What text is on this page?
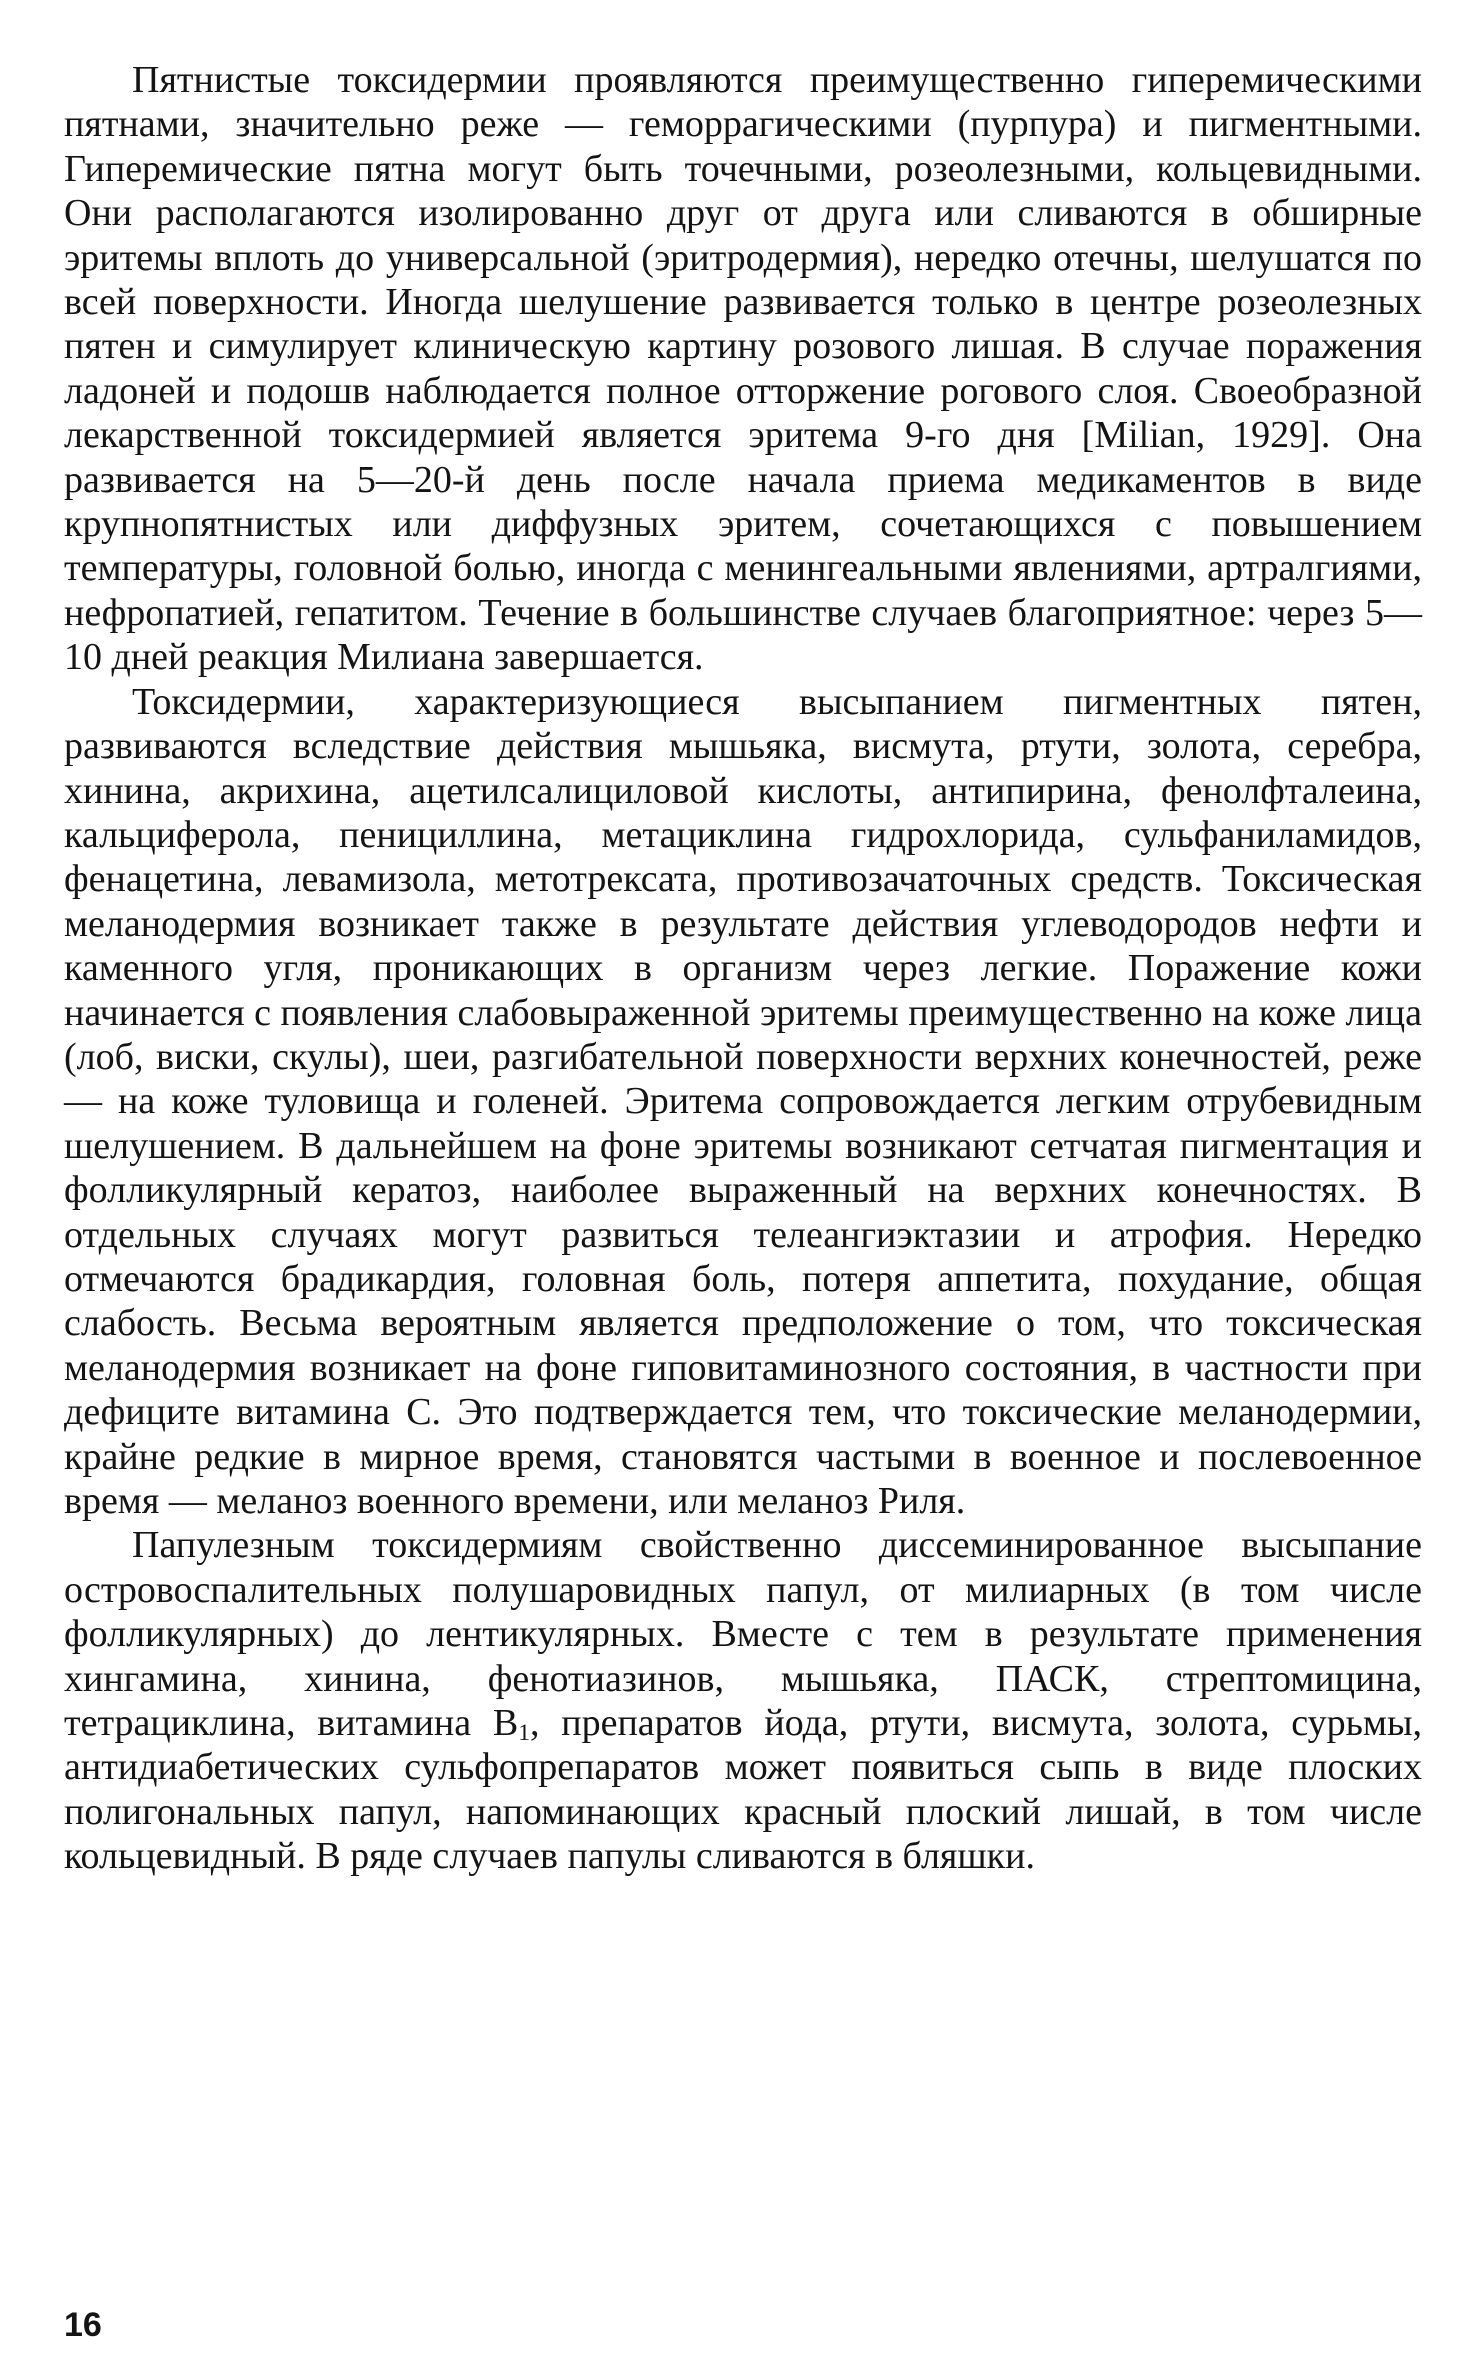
Пятнистые токсидермии проявляются преимущественно гиперемическими пятнами, значительно реже — геморрагическими (пурпура) и пигментными. Гиперемические пятна могут быть точечными, розеолезными, кольцевидными. Они располагаются изолированно друг от друга или сливаются в обширные эритемы вплоть до универсальной (эритродермия), нередко отечны, шелушатся по всей поверхности. Иногда шелушение развивается только в центре розеолезных пятен и симулирует клиническую картину розового лишая. В случае поражения ладоней и подошв наблюдается полное отторжение рогового слоя. Своеобразной лекарственной токсидермией является эритема 9-го дня [Milian, 1929]. Она развивается на 5—20-й день после начала приема медикаментов в виде крупнопятнистых или диффузных эритем, сочетающихся с повышением температуры, головной болью, иногда с менингеальными явлениями, артралгиями, нефропатией, гепатитом. Течение в большинстве случаев благоприятное: через 5—10 дней реакция Милиана завершается.

Токсидермии, характеризующиеся высыпанием пигментных пятен, развиваются вследствие действия мышьяка, висмута, ртути, золота, серебра, хинина, акрихина, ацетилсалициловой кислоты, антипирина, фенолфталеина, кальциферола, пенициллина, метациклина гидрохлорида, сульфаниламидов, фенацетина, левамизола, метотрексата, противозачаточных средств. Токсическая меланодермия возникает также в результате действия углеводородов нефти и каменного угля, проникающих в организм через легкие. Поражение кожи начинается с появления слабовыраженной эритемы преимущественно на коже лица (лоб, виски, скулы), шеи, разгибательной поверхности верхних конечностей, реже — на коже туловища и голеней. Эритема сопровождается легким отрубевидным шелушением. В дальнейшем на фоне эритемы возникают сетчатая пигментация и фолликулярный кератоз, наиболее выраженный на верхних конечностях. В отдельных случаях могут развиться телеангиэктазии и атрофия. Нередко отмечаются брадикардия, головная боль, потеря аппетита, похудание, общая слабость. Весьма вероятным является предположение о том, что токсическая меланодермия возникает на фоне гиповитаминозного состояния, в частности при дефиците витамина С. Это подтверждается тем, что токсические меланодермии, крайне редкие в мирное время, становятся частыми в военное и послевоенное время — меланоз военного времени, или меланоз Риля.

Папулезным токсидермиям свойственно диссеминированное высыпание островоспалительных полушаровидных папул, от милиарных (в том числе фолликулярных) до лентикулярных. Вместе с тем в результате применения хингамина, хинина, фенотиазинов, мышьяка, ПАСК, стрептомицина, тетрациклина, витамина $В_1$, препаратов йода, ртути, висмута, золота, сурьмы, антидиабетических сульфопрепаратов может появиться сыпь в виде плоских полигональных папул, напоминающих красный плоский лишай, в том числе кольцевидный. В ряде случаев папулы сливаются в бляшки.

16
